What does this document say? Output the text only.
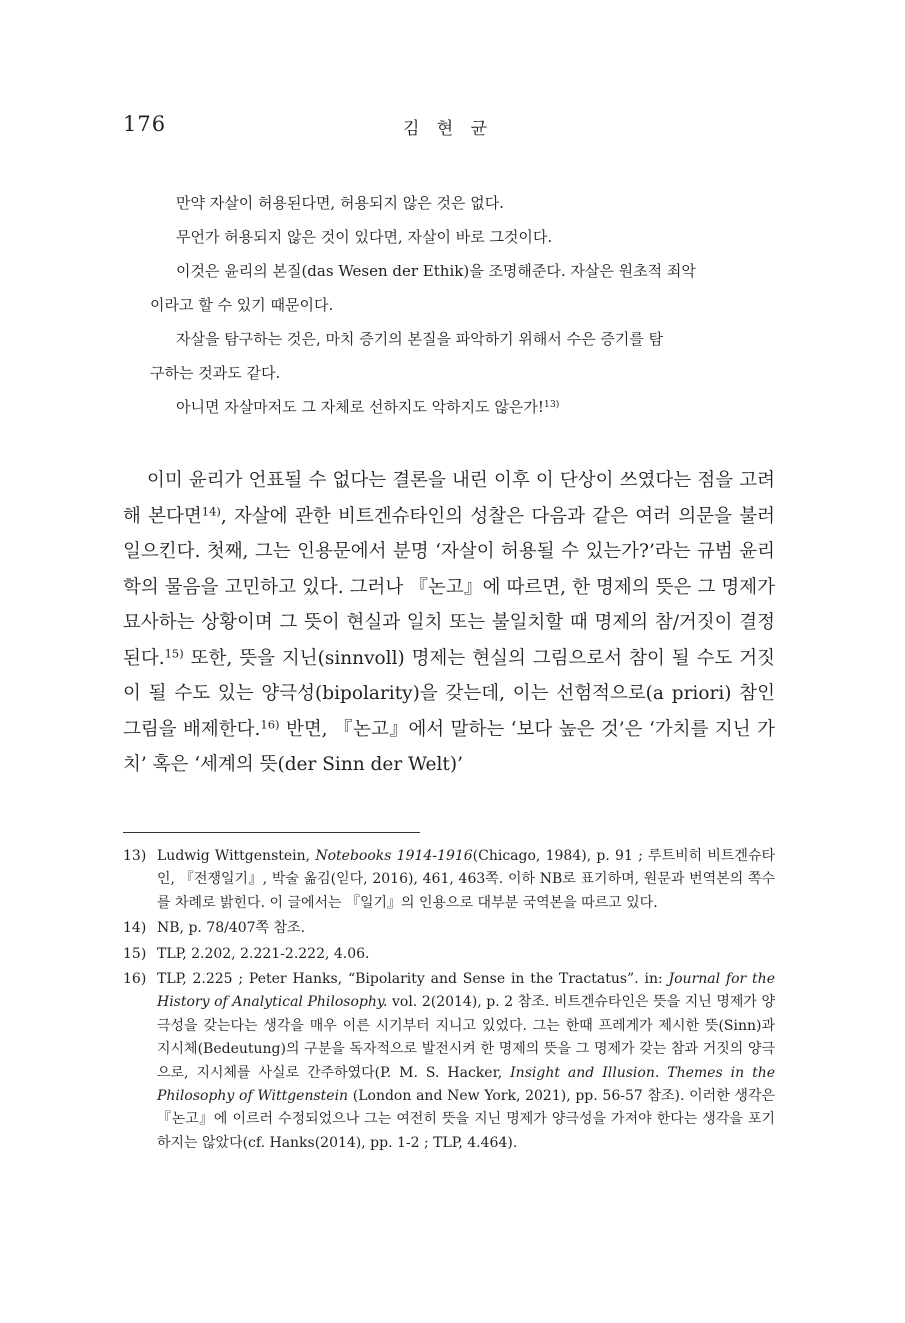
176	김 현 균

만약 자살이 허용된다면, 허용되지 않은 것은 없다.

무언가 허용되지 않은 것이 있다면, 자살이 바로 그것이다.

이것은 윤리의 본질(das Wesen der Ethik)을 조명해준다. 자살은 원초적 죄악

이라고 할 수 있기 때문이다.

자살을 탐구하는 것은, 마치 증기의 본질을 파악하기 위해서 수은 증기를 탐

구하는 것과도 같다.

아니면 자살마저도 그 자체로 선하지도 악하지도 않은가!$^{13)}$

이미 윤리가 언표될 수 없다는 결론을 내린 이후 이 단상이 쓰였다는 점을 고려해 본다면$^{14)}$, 자살에 관한 비트겐슈타인의 성찰은 다음과 같은 여러 의문을 불러일으킨다. 첫째, 그는 인용문에서 분명 ‘자살이 허용될 수 있는가?’라는 규범 윤리학의 물음을 고민하고 있다. 그러나 『논고』에 따르면, 한 명제의 뜻은 그 명제가 묘사하는 상황이며 그 뜻이 현실과 일치 또는 불일치할 때 명제의 참/거짓이 결정된다.$^{15)}$ 또한, 뜻을 지닌(sinnvoll) 명제는 현실의 그림으로서 참이 될 수도 거짓이 될 수도 있는 양극성(bipolarity)을 갖는데, 이는 선험적으로(a priori) 참인 그림을 배제한다.$^{16)}$ 반면, 『논고』에서 말하는 ‘보다 높은 것’은 ‘가치를 지닌 가치’ 혹은 ‘세계의 뜻(der Sinn der Welt)’

13) Ludwig Wittgenstein, Notebooks 1914-1916(Chicago, 1984), p. 91 ; 루트비히 비트겐슈타인, 『전쟁일기』, 박술 옮김(읻다, 2016), 461, 463쪽. 이하 NB로 표기하며, 원문과 번역본의 쪽수를 차례로 밝힌다. 이 글에서는 『일기』의 인용으로 대부분 국역본을 따르고 있다.
14) NB, p. 78/407쪽 참조.
15) TLP, 2.202, 2.221-2.222, 4.06.
16) TLP, 2.225 ; Peter Hanks, “Bipolarity and Sense in the Tractatus”. in: Journal for the History of Analytical Philosophy. vol. 2(2014), p. 2 참조. 비트겐슈타인은 뜻을 지닌 명제가 양극성을 갖는다는 생각을 매우 이른 시기부터 지니고 있었다. 그는 한때 프레게가 제시한 뜻(Sinn)과 지시체(Bedeutung)의 구분을 독자적으로 발전시켜 한 명제의 뜻을 그 명제가 갖는 참과 거짓의 양극으로, 지시체를 사실로 간주하였다(P. M. S. Hacker, Insight and Illusion. Themes in the Philosophy of Wittgenstein (London and New York, 2021), pp. 56-57 참조). 이러한 생각은 『논고』에 이르러 수정되었으나 그는 여전히 뜻을 지닌 명제가 양극성을 가져야 한다는 생각을 포기하지는 않았다(cf. Hanks(2014), pp. 1-2 ; TLP, 4.464).
